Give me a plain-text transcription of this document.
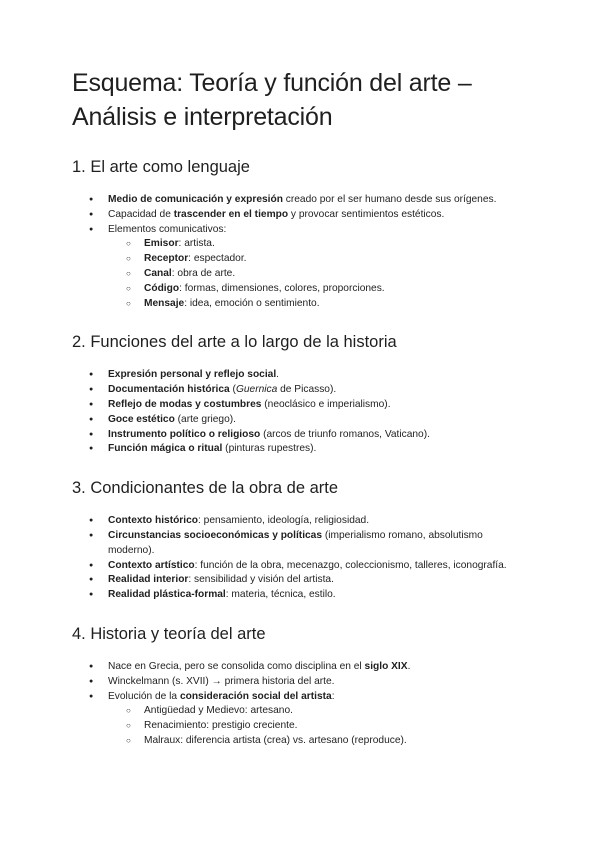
Esquema: Teoría y función del arte – Análisis e interpretación
1. El arte como lenguaje
● Medio de comunicación y expresión creado por el ser humano desde sus orígenes.
● Capacidad de trascender en el tiempo y provocar sentimientos estéticos.
● Elementos comunicativos:
○ Emisor: artista.
○ Receptor: espectador.
○ Canal: obra de arte.
○ Código: formas, dimensiones, colores, proporciones.
○ Mensaje: idea, emoción o sentimiento.
2. Funciones del arte a lo largo de la historia
● Expresión personal y reflejo social.
● Documentación histórica (Guernica de Picasso).
● Reflejo de modas y costumbres (neoclásico e imperialismo).
● Goce estético (arte griego).
● Instrumento político o religioso (arcos de triunfo romanos, Vaticano).
● Función mágica o ritual (pinturas rupestres).
3. Condicionantes de la obra de arte
● Contexto histórico: pensamiento, ideología, religiosidad.
● Circunstancias socioeconómicas y políticas (imperialismo romano, absolutismo moderno).
● Contexto artístico: función de la obra, mecenazgo, coleccionismo, talleres, iconografía.
● Realidad interior: sensibilidad y visión del artista.
● Realidad plástica-formal: materia, técnica, estilo.
4. Historia y teoría del arte
● Nace en Grecia, pero se consolida como disciplina en el siglo XIX.
● Winckelmann (s. XVII) → primera historia del arte.
● Evolución de la consideración social del artista:
○ Antigüedad y Medievo: artesano.
○ Renacimiento: prestigio creciente.
○ Malraux: diferencia artista (crea) vs. artesano (reproduce).
